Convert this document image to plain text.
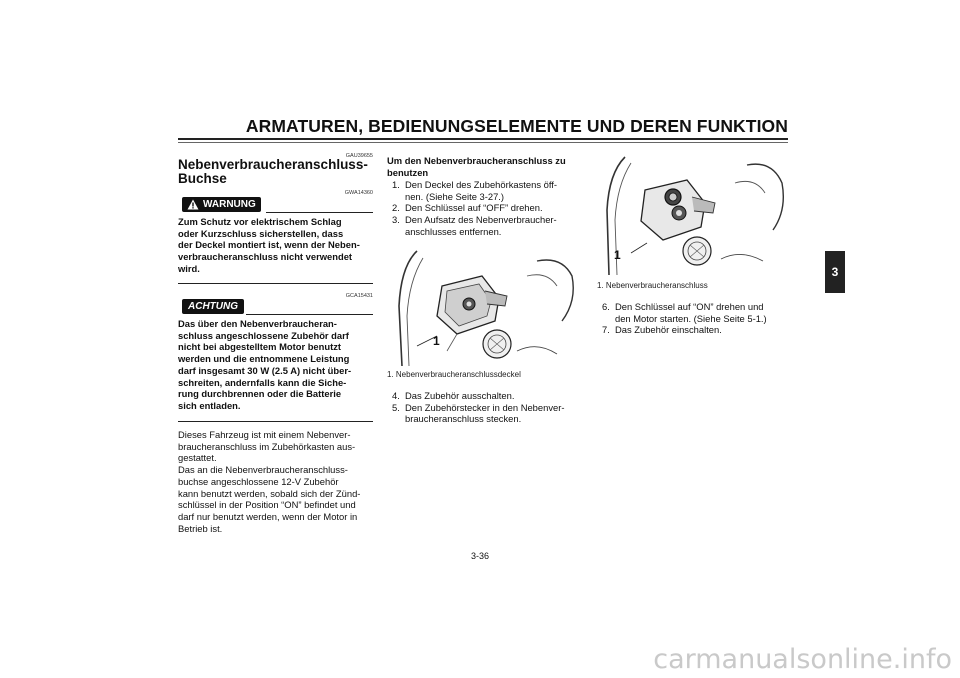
ARMATUREN, BEDIENUNGSELEMENTE UND DEREN FUNKTION
3
GAU39655
Nebenverbraucheranschluss-
Buchse
GWA14360
WARNUNG
Zum Schutz vor elektrischem Schlag
oder Kurzschluss sicherstellen, dass
der Deckel montiert ist, wenn der Neben-
verbraucheranschluss nicht verwendet
wird.
GCA15431
ACHTUNG
Das über den Nebenverbraucheran-
schluss angeschlossene Zubehör darf
nicht bei abgestelltem Motor benutzt
werden und die entnommene Leistung
darf insgesamt 30 W (2.5 A) nicht über-
schreiten, andernfalls kann die Siche-
rung durchbrennen oder die Batterie
sich entladen.
Dieses Fahrzeug ist mit einem Nebenver-
braucheranschluss im Zubehörkasten aus-
gestattet.
Das an die Nebenverbraucheranschluss-
buchse angeschlossene 12-V Zubehör
kann benutzt werden, sobald sich der Zünd-
schlüssel in der Position “ON” befindet und
darf nur benutzt werden, wenn der Motor in
Betrieb ist.
Um den Nebenverbraucheranschluss zu
benutzen
1. Den Deckel des Zubehörkastens öff-
nen. (Siehe Seite 3-27.)
2. Den Schlüssel auf “OFF” drehen.
3. Den Aufsatz des Nebenverbraucher-
anschlusses entfernen.
1
1. Nebenverbraucheranschlussdeckel
4. Das Zubehör ausschalten.
5. Den Zubehörstecker in den Nebenver-
braucheranschluss stecken.
1
1. Nebenverbraucheranschluss
6. Den Schlüssel auf “ON” drehen und
den Motor starten. (Siehe Seite 5-1.)
7. Das Zubehör einschalten.
3-36
carmanualsonline.info
